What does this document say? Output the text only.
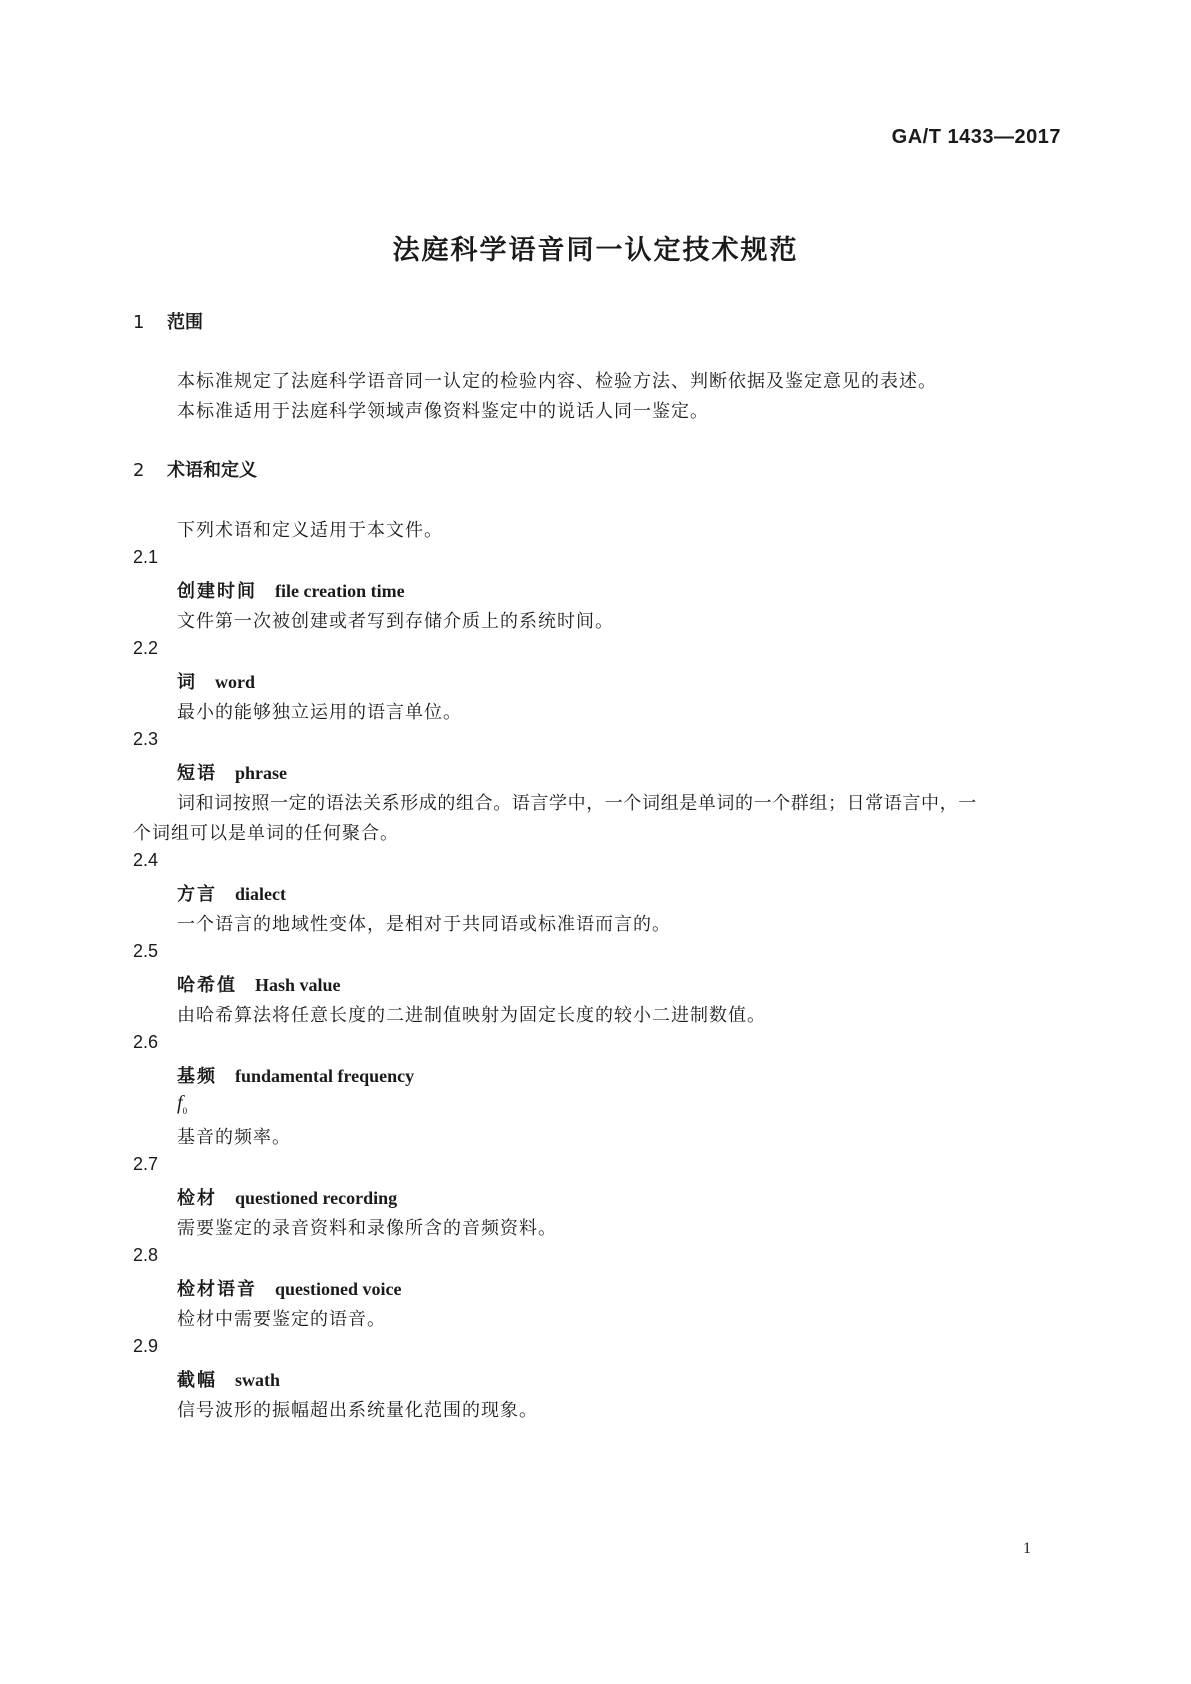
GA/T 1433—2017
法庭科学语音同一认定技术规范
1 范围
本标准规定了法庭科学语音同一认定的检验内容、检验方法、判断依据及鉴定意见的表述。
本标准适用于法庭科学领域声像资料鉴定中的说话人同一鉴定。
2 术语和定义
下列术语和定义适用于本文件。
2.1
创建时间 file creation time
文件第一次被创建或者写到存储介质上的系统时间。
2.2
词 word
最小的能够独立运用的语言单位。
2.3
短语 phrase
词和词按照一定的语法关系形成的组合。语言学中，一个词组是单词的一个群组；日常语言中，一
个词组可以是单词的任何聚合。
2.4
方言 dialect
一个语言的地域性变体，是相对于共同语或标准语而言的。
2.5
哈希值 Hash value
由哈希算法将任意长度的二进制值映射为固定长度的较小二进制数值。
2.6
基频 fundamental frequency
$f_0$
基音的频率。
2.7
检材 questioned recording
需要鉴定的录音资料和录像所含的音频资料。
2.8
检材语音 questioned voice
检材中需要鉴定的语音。
2.9
截幅 swath
信号波形的振幅超出系统量化范围的现象。
1
